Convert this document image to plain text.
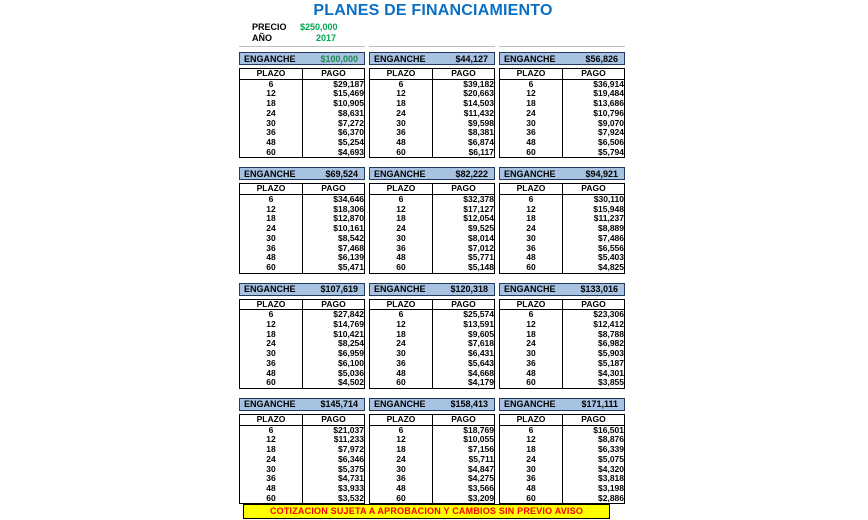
PLANES DE FINANCIAMIENTO
PRECIO	$250,000
AÑO	2017
ENGANCHE	$100,000
PLAZO	PAGO
6	$29,187
12	$15,469
18	$10,905
24	$8,631
30	$7,272
36	$6,370
48	$5,254
60	$4,693
ENGANCHE	$44,127
PLAZO	PAGO
6	$39,182
12	$20,663
18	$14,503
24	$11,432
30	$9,598
36	$8,381
48	$6,874
60	$6,117
ENGANCHE	$56,826
PLAZO	PAGO
6	$36,914
12	$19,484
18	$13,686
24	$10,796
30	$9,070
36	$7,924
48	$6,506
60	$5,794
ENGANCHE	$69,524
PLAZO	PAGO
6	$34,646
12	$18,306
18	$12,870
24	$10,161
30	$8,542
36	$7,468
48	$6,139
60	$5,471
ENGANCHE	$82,222
PLAZO	PAGO
6	$32,378
12	$17,127
18	$12,054
24	$9,525
30	$8,014
36	$7,012
48	$5,771
60	$5,148
ENGANCHE	$94,921
PLAZO	PAGO
6	$30,110
12	$15,948
18	$11,237
24	$8,889
30	$7,486
36	$6,556
48	$5,403
60	$4,825
ENGANCHE	$107,619
PLAZO	PAGO
6	$27,842
12	$14,769
18	$10,421
24	$8,254
30	$6,959
36	$6,100
48	$5,036
60	$4,502
ENGANCHE	$120,318
PLAZO	PAGO
6	$25,574
12	$13,591
18	$9,605
24	$7,618
30	$6,431
36	$5,643
48	$4,668
60	$4,179
ENGANCHE	$133,016
PLAZO	PAGO
6	$23,306
12	$12,412
18	$8,788
24	$6,982
30	$5,903
36	$5,187
48	$4,301
60	$3,855
ENGANCHE	$145,714
PLAZO	PAGO
6	$21,037
12	$11,233
18	$7,972
24	$6,346
30	$5,375
36	$4,731
48	$3,933
60	$3,532
ENGANCHE	$158,413
PLAZO	PAGO
6	$18,769
12	$10,055
18	$7,156
24	$5,711
30	$4,847
36	$4,275
48	$3,566
60	$3,209
ENGANCHE	$171,111
PLAZO	PAGO
6	$16,501
12	$8,876
18	$6,339
24	$5,075
30	$4,320
36	$3,818
48	$3,198
60	$2,886
COTIZACION SUJETA A APROBACION Y CAMBIOS SIN PREVIO AVISO
